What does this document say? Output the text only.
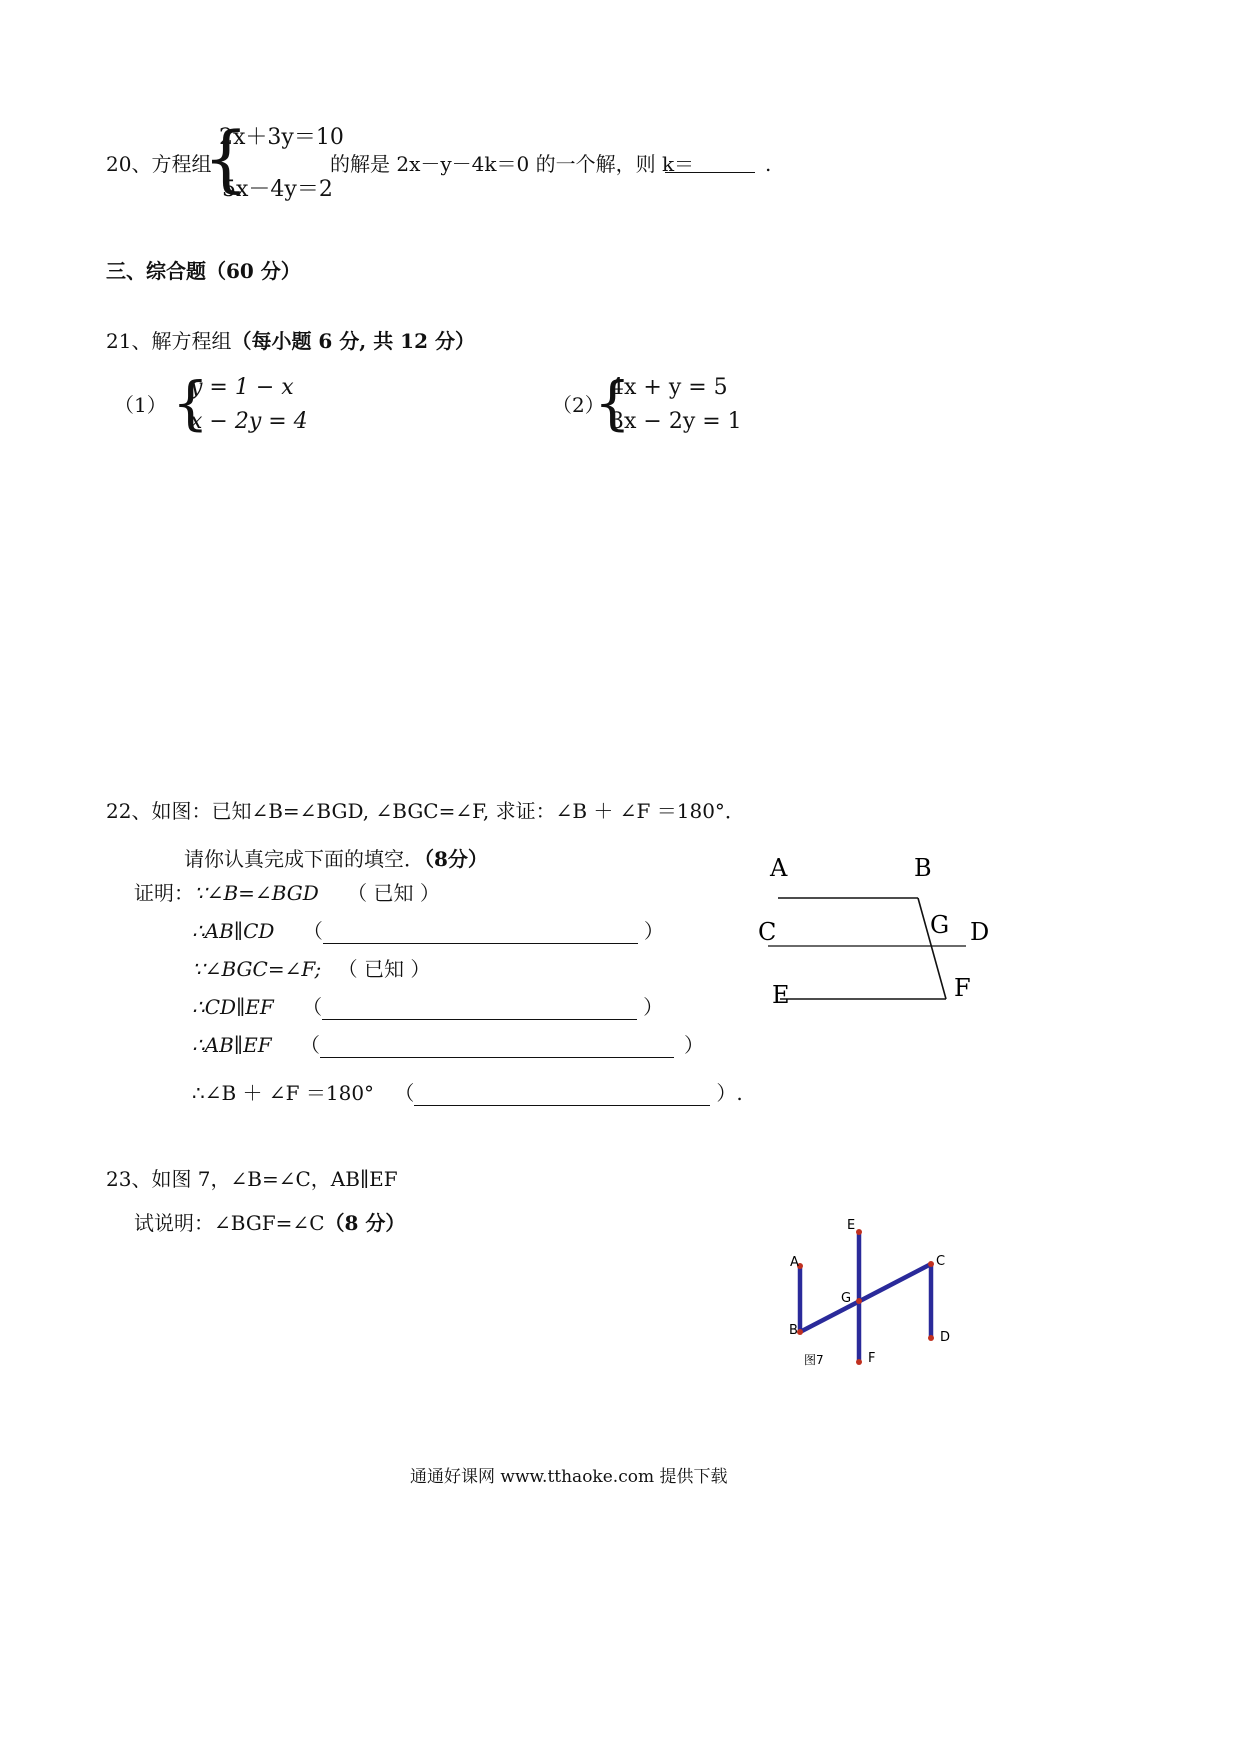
20、方程组
{
2x＋3y＝10
5x－4y＝2
的解是 2x－y－4k＝0 的一个解，则 k＝	.
三、综合题（60 分）
21、解方程组（每小题 6 分, 共 12 分）
（1） {
y = 1 − x
x − 2y = 4
（2）
{
4x + y = 5
3x − 2y = 1
22、如图：已知∠B=∠BGD, ∠BGC=∠F, 求证：∠B ＋ ∠F ＝180°．
请你认真完成下面的填空．（8分）
证明：∵∠B=∠BGD （ 已知 ）
∴AB∥CD （	）
∵∠BGC=∠F; （ 已知 ）
∴CD∥EF （	）
∴AB∥EF （	）
∴∠B ＋ ∠F ＝180° （	）.
A	B
C	G D
E	F
23、如图 7，∠B=∠C，AB∥EF
试说明：∠BGF=∠C（8 分）
A
B
E
G
C
D
F
图7
通通好课网 www.tthaoke.com 提供下载
